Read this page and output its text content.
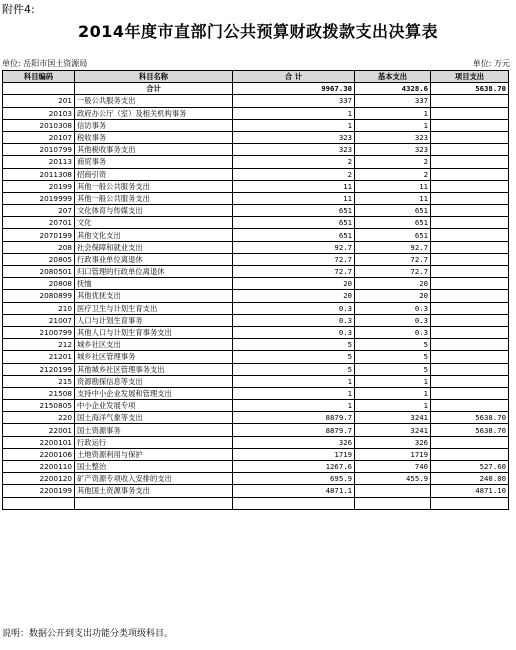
附件4:
2014年度市直部门公共预算财政拨款支出决算表
单位: 岳阳市国土资源局	单位: 万元
科目编码	科目名称	合 计	基本支出	项目支出
	合计	9967.30	4328.6	5638.70
201	一般公共服务支出	337	337	
20103	政府办公厅（室）及相关机构事务	1	1	
2010308	信访事务	1	1	
20107	税收事务	323	323	
2010799	其他税收事务支出	323	323	
20113	商贸事务	2	2	
2011308	招商引资	2	2	
20199	其他一般公共服务支出	11	11	
2019999	其他一般公共服务支出	11	11	
207	文化体育与传媒支出	651	651	
20701	文化	651	651	
2070199	其他文化支出	651	651	
208	社会保障和就业支出	92.7	92.7	
20805	行政事业单位离退休	72.7	72.7	
2080501	归口管理的行政单位离退休	72.7	72.7	
20808	抚恤	20	20	
2080899	其他优抚支出	20	20	
210	医疗卫生与计划生育支出	0.3	0.3	
21007	人口与计划生育事务	0.3	0.3	
2100799	其他人口与计划生育事务支出	0.3	0.3	
212	城乡社区支出	5	5	
21201	城乡社区管理事务	5	5	
2120199	其他城乡社区管理事务支出	5	5	
215	资源勘探信息等支出	1	1	
21508	支持中小企业发展和管理支出	1	1	
2150805	中小企业发展专项	1	1	
220	国土海洋气象等支出	8879.7	3241	5638.70
22001	国土资源事务	8879.7	3241	5638.70
2200101	行政运行	326	326	
2200106	土地资源利用与保护	1719	1719	
2200110	国土整治	1267.6	740	527.60
2200120	矿产资源专项收入安排的支出	695.9	455.9	240.00
2200199	其他国土资源事务支出	4871.1		4871.10

说明：数据公开到支出功能分类项级科目。
